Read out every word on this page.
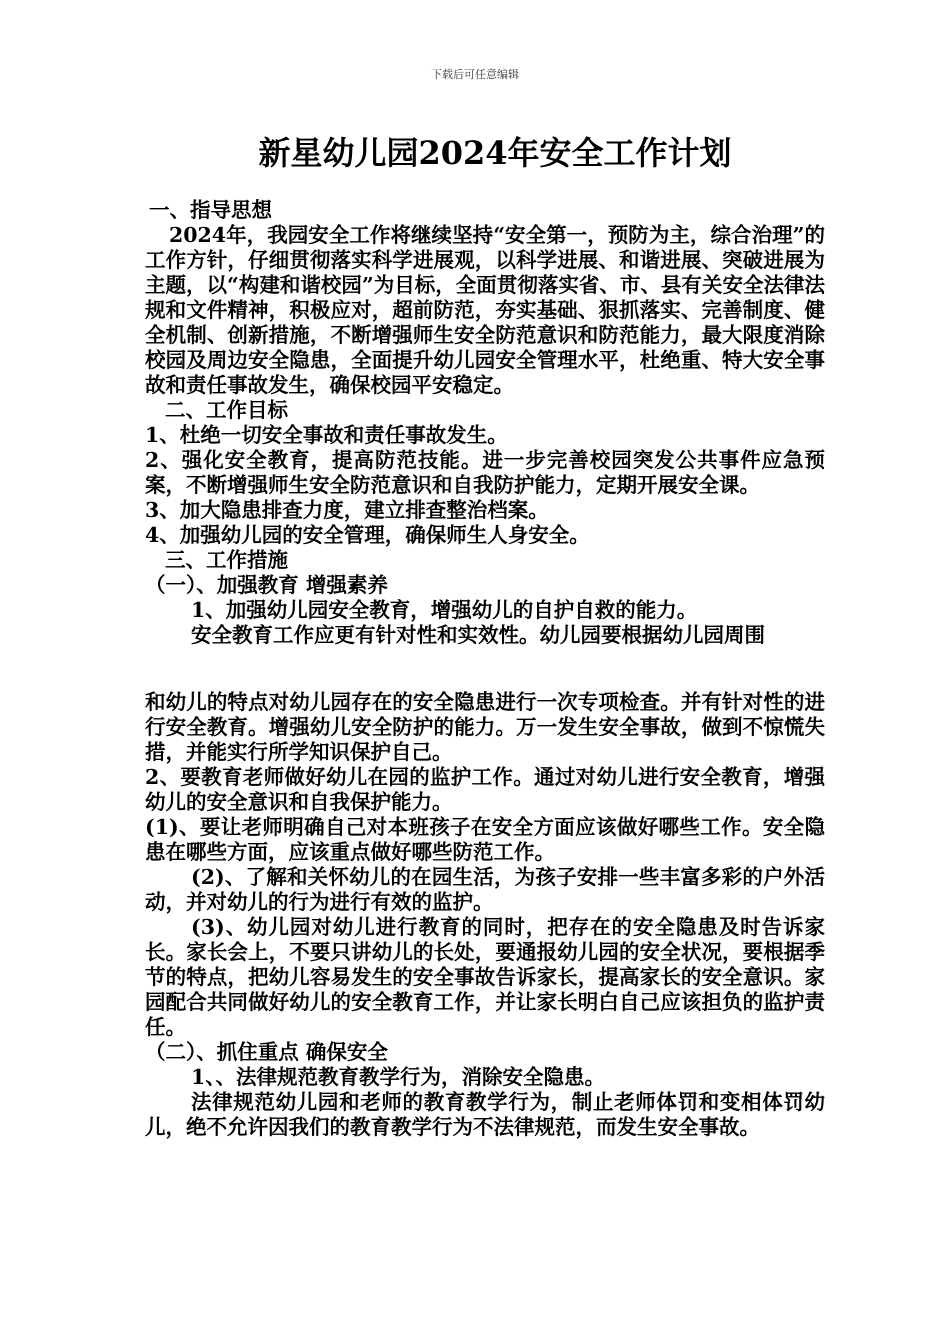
下载后可任意编辑
新星幼儿园2024年安全工作计划

一、指导思想

2024年，我园安全工作将继续坚持“安全第一，预防为主，综合治理”的工作方针，仔细贯彻落实科学进展观，以科学进展、和谐进展、突破进展为主题，以“构建和谐校园”为目标，全面贯彻落实省、市、县有关安全法律法规和文件精神，积极应对，超前防范，夯实基础、狠抓落实、完善制度、健全机制、创新措施，不断增强师生安全防范意识和防范能力，最大限度消除校园及周边安全隐患，全面提升幼儿园安全管理水平，杜绝重、特大安全事故和责任事故发生，确保校园平安稳定。

二、工作目标

1、杜绝一切安全事故和责任事故发生。

2、强化安全教育，提高防范技能。进一步完善校园突发公共事件应急预案，不断增强师生安全防范意识和自我防护能力，定期开展安全课。

3、加大隐患排查力度，建立排查整治档案。

4、加强幼儿园的安全管理，确保师生人身安全。

三、工作措施

（一）、加强教育 增强素养

1、加强幼儿园安全教育，增强幼儿的自护自救的能力。

安全教育工作应更有针对性和实效性。幼儿园要根据幼儿园周围

和幼儿的特点对幼儿园存在的安全隐患进行一次专项检查。并有针对性的进行安全教育。增强幼儿安全防护的能力。万一发生安全事故，做到不惊慌失措，并能实行所学知识保护自己。

2、要教育老师做好幼儿在园的监护工作。通过对幼儿进行安全教育，增强幼儿的安全意识和自我保护能力。

(1)、要让老师明确自己对本班孩子在安全方面应该做好哪些工作。安全隐患在哪些方面，应该重点做好哪些防范工作。

(2)、了解和关怀幼儿的在园生活，为孩子安排一些丰富多彩的户外活动，并对幼儿的行为进行有效的监护。

(3)、幼儿园对幼儿进行教育的同时，把存在的安全隐患及时告诉家长。家长会上，不要只讲幼儿的长处，要通报幼儿园的安全状况，要根据季节的特点，把幼儿容易发生的安全事故告诉家长，提高家长的安全意识。家园配合共同做好幼儿的安全教育工作，并让家长明白自己应该担负的监护责任。

（二）、抓住重点 确保安全

1、、法律规范教育教学行为，消除安全隐患。

法律规范幼儿园和老师的教育教学行为，制止老师体罚和变相体罚幼儿，绝不允许因我们的教育教学行为不法律规范，而发生安全事故。
